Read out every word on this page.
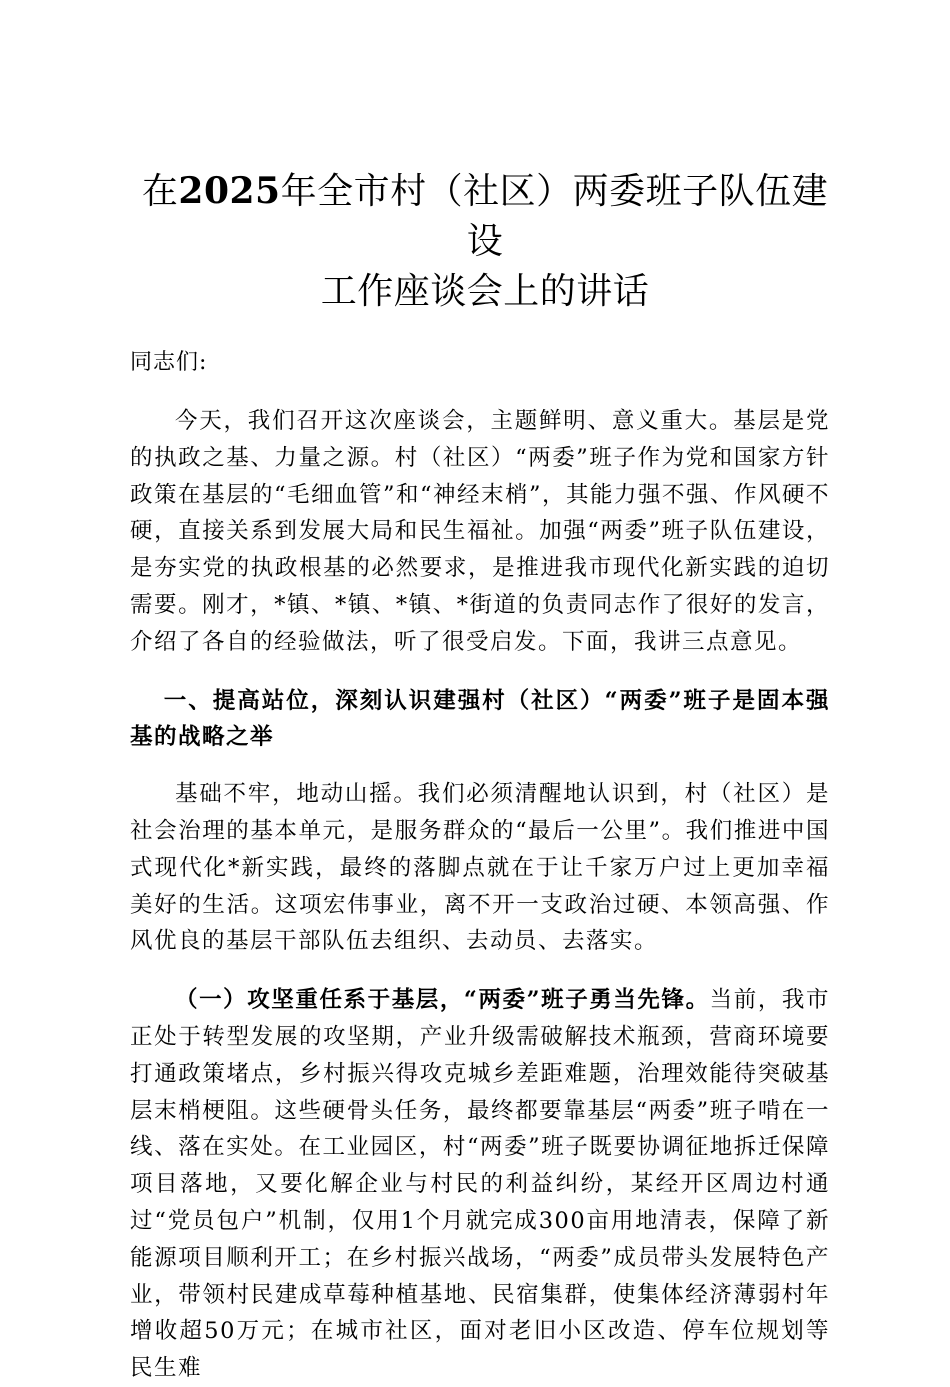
在2025年全市村（社区）两委班子队伍建设
工作座谈会上的讲话
同志们:

今天，我们召开这次座谈会，主题鲜明、意义重大。基层是党的执政之基、力量之源。村（社区）“两委”班子作为党和国家方针政策在基层的“毛细血管”和“神经末梢”，其能力强不强、作风硬不硬，直接关系到发展大局和民生福祉。加强“两委”班子队伍建设，是夯实党的执政根基的必然要求，是推进我市现代化新实践的迫切需要。刚才，*镇、*镇、*镇、*街道的负责同志作了很好的发言，介绍了各自的经验做法，听了很受启发。下面，我讲三点意见。

一、提高站位，深刻认识建强村（社区）“两委”班子是固本强基的战略之举

基础不牢，地动山摇。我们必须清醒地认识到，村（社区）是社会治理的基本单元，是服务群众的“最后一公里”。我们推进中国式现代化*新实践，最终的落脚点就在于让千家万户过上更加幸福美好的生活。这项宏伟事业，离不开一支政治过硬、本领高强、作风优良的基层干部队伍去组织、去动员、去落实。

（一）攻坚重任系于基层，“两委”班子勇当先锋。当前，我市正处于转型发展的攻坚期，产业升级需破解技术瓶颈，营商环境要打通政策堵点，乡村振兴得攻克城乡差距难题，治理效能待突破基层末梢梗阻。这些硬骨头任务，最终都要靠基层“两委”班子啃在一线、落在实处。在工业园区，村“两委”班子既要协调征地拆迁保障项目落地，又要化解企业与村民的利益纠纷，某经开区周边村通过“党员包户”机制，仅用1个月就完成300亩用地清表，保障了新能源项目顺利开工；在乡村振兴战场，“两委”成员带头发展特色产业，带领村民建成草莓种植基地、民宿集群，使集体经济薄弱村年增收超50万元；在城市社区，面对老旧小区改造、停车位规划等民生难
